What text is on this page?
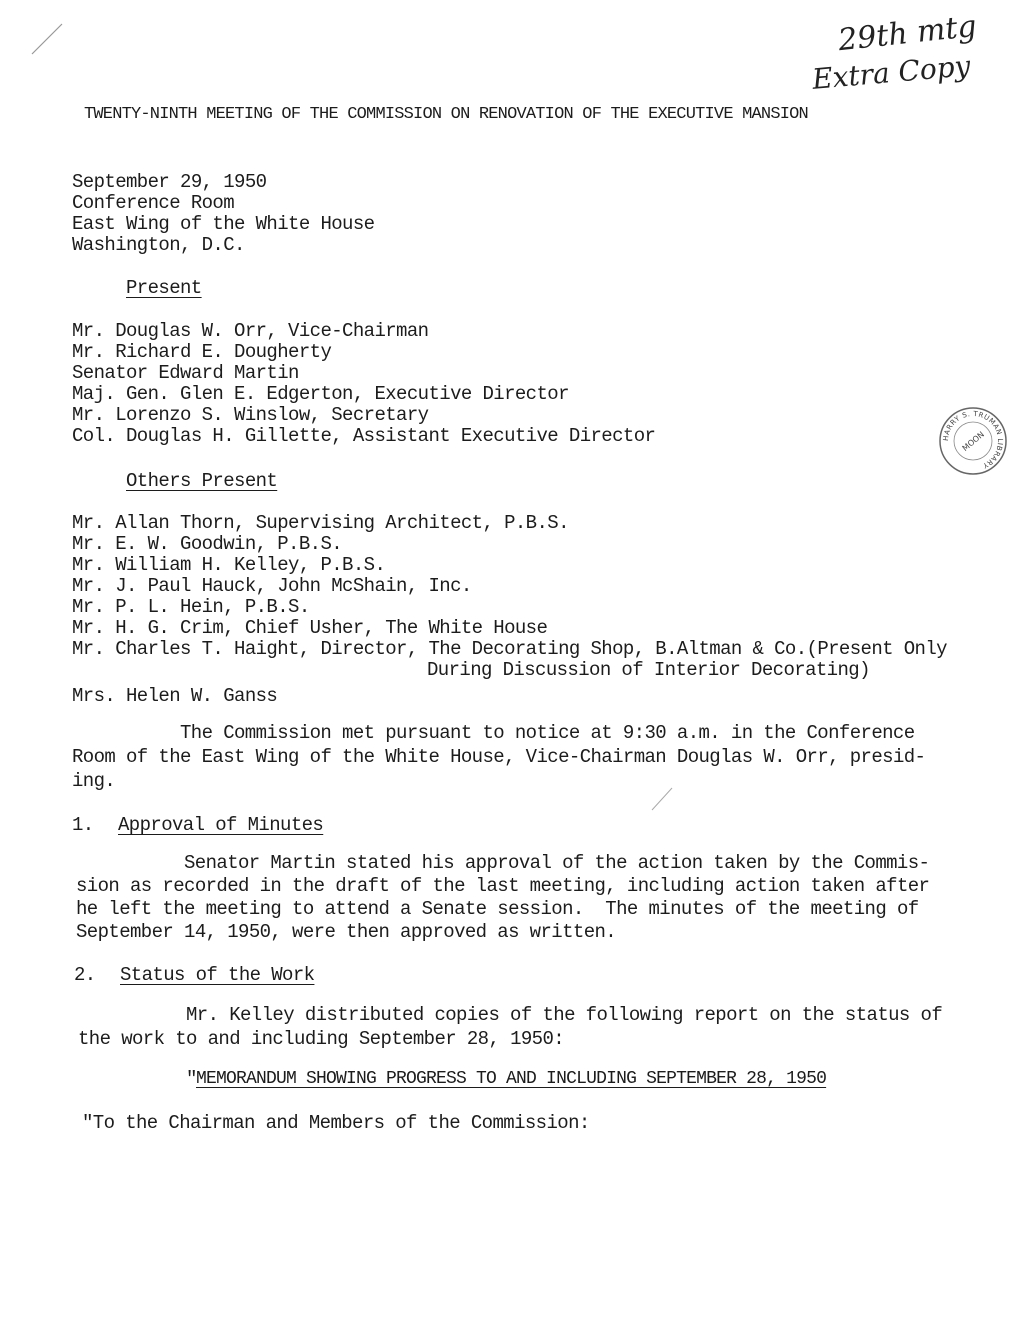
29th mtg
Extra Copy
TWENTY-NINTH MEETING OF THE COMMISSION ON RENOVATION OF THE EXECUTIVE MANSION
September 29, 1950
Conference Room
East Wing of the White House
Washington, D.C.
Present
Mr. Douglas W. Orr, Vice-Chairman
Mr. Richard E. Dougherty
Senator Edward Martin
Maj. Gen. Glen E. Edgerton, Executive Director
Mr. Lorenzo S. Winslow, Secretary
Col. Douglas H. Gillette, Assistant Executive Director	HARRY S. TRUMAN LIBRARY
MOON
Others Present
Mr. Allan Thorn, Supervising Architect, P.B.S.
Mr. E. W. Goodwin, P.B.S.
Mr. William H. Kelley, P.B.S.
Mr. J. Paul Hauck, John McShain, Inc.
Mr. P. L. Hein, P.B.S.
Mr. H. G. Crim, Chief Usher, The White House
Mr. Charles T. Haight, Director, The Decorating Shop, B.Altman & Co.(Present Only
During Discussion of Interior Decorating)
Mrs. Helen W. Ganss
The Commission met pursuant to notice at 9:30 a.m. in the Conference
Room of the East Wing of the White House, Vice-Chairman Douglas W. Orr, presid-
ing.
1. Approval of Minutes
Senator Martin stated his approval of the action taken by the Commis-
sion as recorded in the draft of the last meeting, including action taken after
he left the meeting to attend a Senate session.  The minutes of the meeting of
September 14, 1950, were then approved as written.
2. Status of the Work
Mr. Kelley distributed copies of the following report on the status of
the work to and including September 28, 1950:
" MEMORANDUM SHOWING PROGRESS TO AND INCLUDING SEPTEMBER 28, 1950
"To the Chairman and Members of the Commission:
